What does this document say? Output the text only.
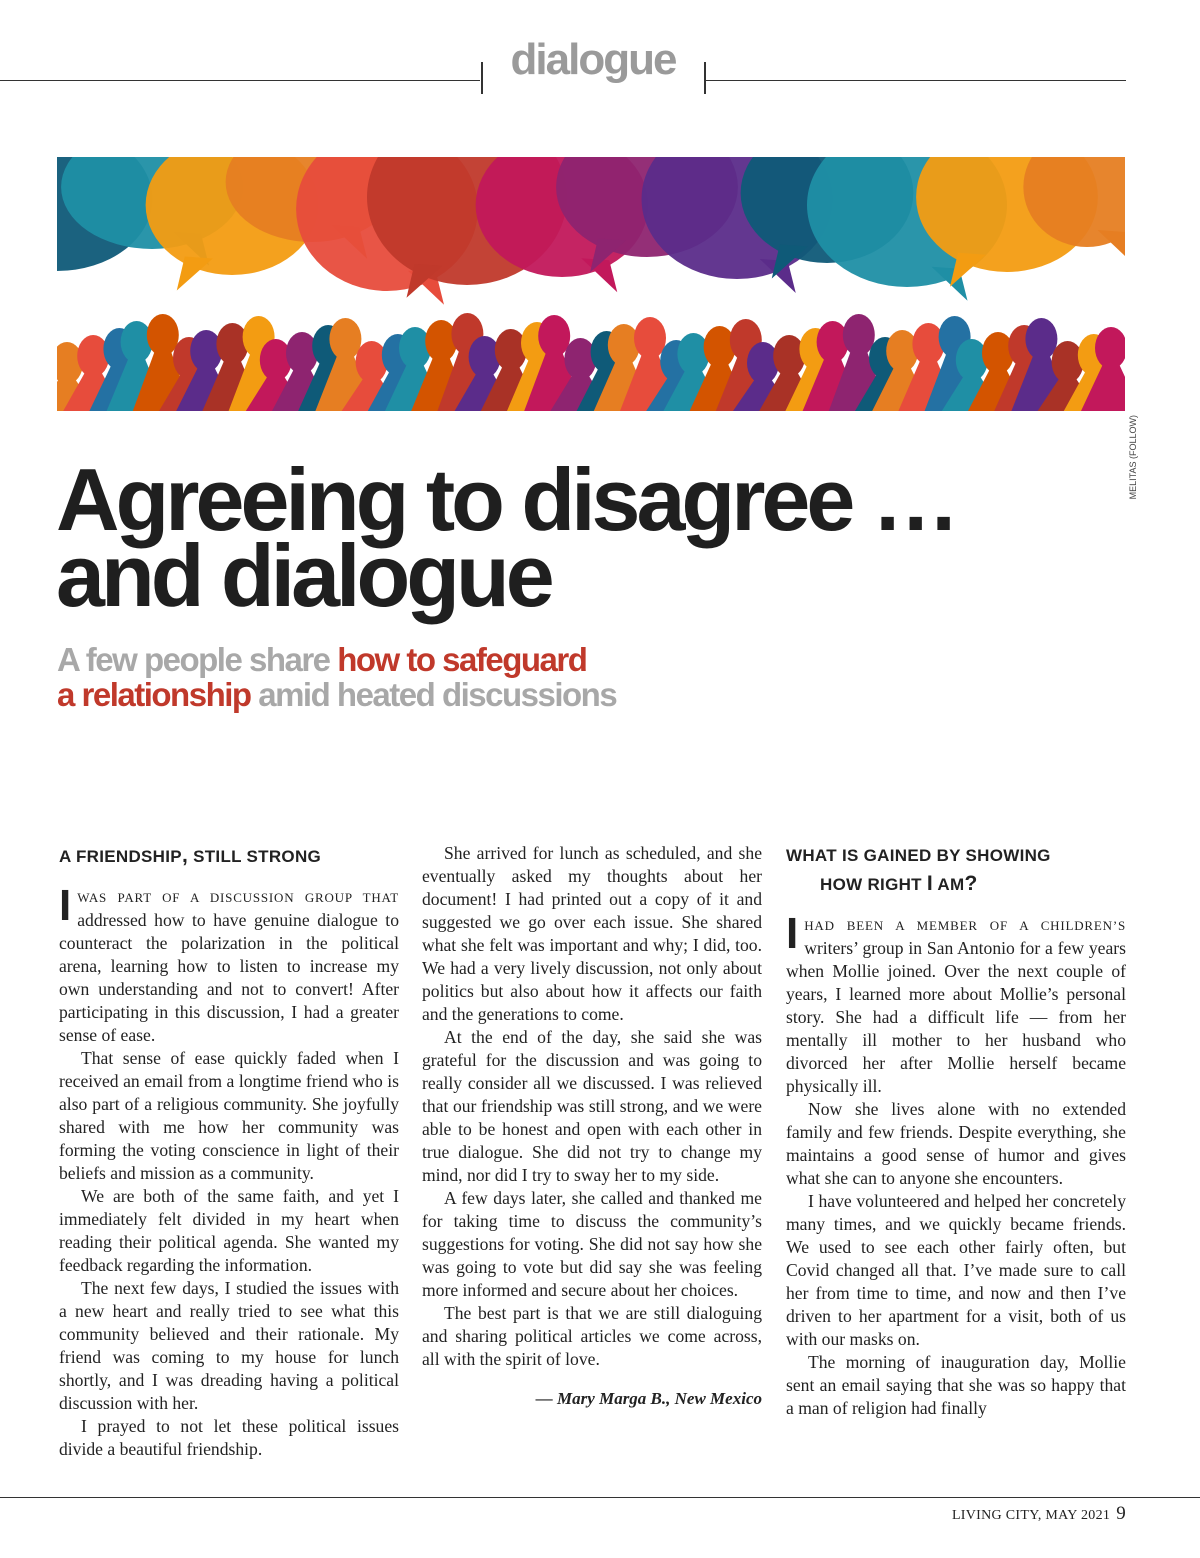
dialogue
MELITAS (FOLLOW)
Agreeing to disagree …
and dialogue

A few people share how to safeguard
a relationship amid heated discussions

A FRIENDSHIP, STILL STRONG

IWAS PART OF A DISCUSSION GROUP THAT addressed how to have genuine dialogue to counteract the polarization in the political arena, learning how to listen to increase my own understanding and not to convert! After participating in this discussion, I had a greater sense of ease.

That sense of ease quickly faded when I received an email from a longtime friend who is also part of a religious community. She joyfully shared with me how her community was forming the voting conscience in light of their beliefs and mission as a community.

We are both of the same faith, and yet I immediately felt divided in my heart when reading their political agenda. She wanted my feedback regarding the information.

The next few days, I studied the issues with a new heart and really tried to see what this community believed and their rationale. My friend was coming to my house for lunch shortly, and I was dreading having a political discussion with her.

I prayed to not let these political issues divide a beautiful friendship.

She arrived for lunch as scheduled, and she eventually asked my thoughts about her document! I had printed out a copy of it and suggested we go over each issue. She shared what she felt was important and why; I did, too. We had a very lively discussion, not only about politics but also about how it affects our faith and the generations to come.

At the end of the day, she said she was grateful for the discussion and was going to really consider all we discussed. I was relieved that our friendship was still strong, and we were able to be honest and open with each other in true dialogue. She did not try to change my mind, nor did I try to sway her to my side.

A few days later, she called and thanked me for taking time to discuss the community’s suggestions for voting. She did not say how she was going to vote but did say she was feeling more informed and secure about her choices.

The best part is that we are still dialoguing and sharing political articles we come across, all with the spirit of love.

— Mary Marga B., New Mexico
WHAT IS GAINED BY SHOWING
HOW RIGHT I AM?

IHAD BEEN A MEMBER OF A CHILDREN’S writers’ group in San Antonio for a few years when Mollie joined. Over the next couple of years, I learned more about Mollie’s personal story. She had a difficult life — from her mentally ill mother to her husband who divorced her after Mollie herself became physically ill.

Now she lives alone with no extended family and few friends. Despite everything, she maintains a good sense of humor and gives what she can to anyone she encounters.

I have volunteered and helped her concretely many times, and we quickly became friends. We used to see each other fairly often, but Covid changed all that. I’ve made sure to call her from time to time, and now and then I’ve driven to her apartment for a visit, both of us with our masks on.

The morning of inauguration day, Mollie sent an email saying that she was so happy that a man of religion had finally

LIVING CITY, MAY 2021 9
